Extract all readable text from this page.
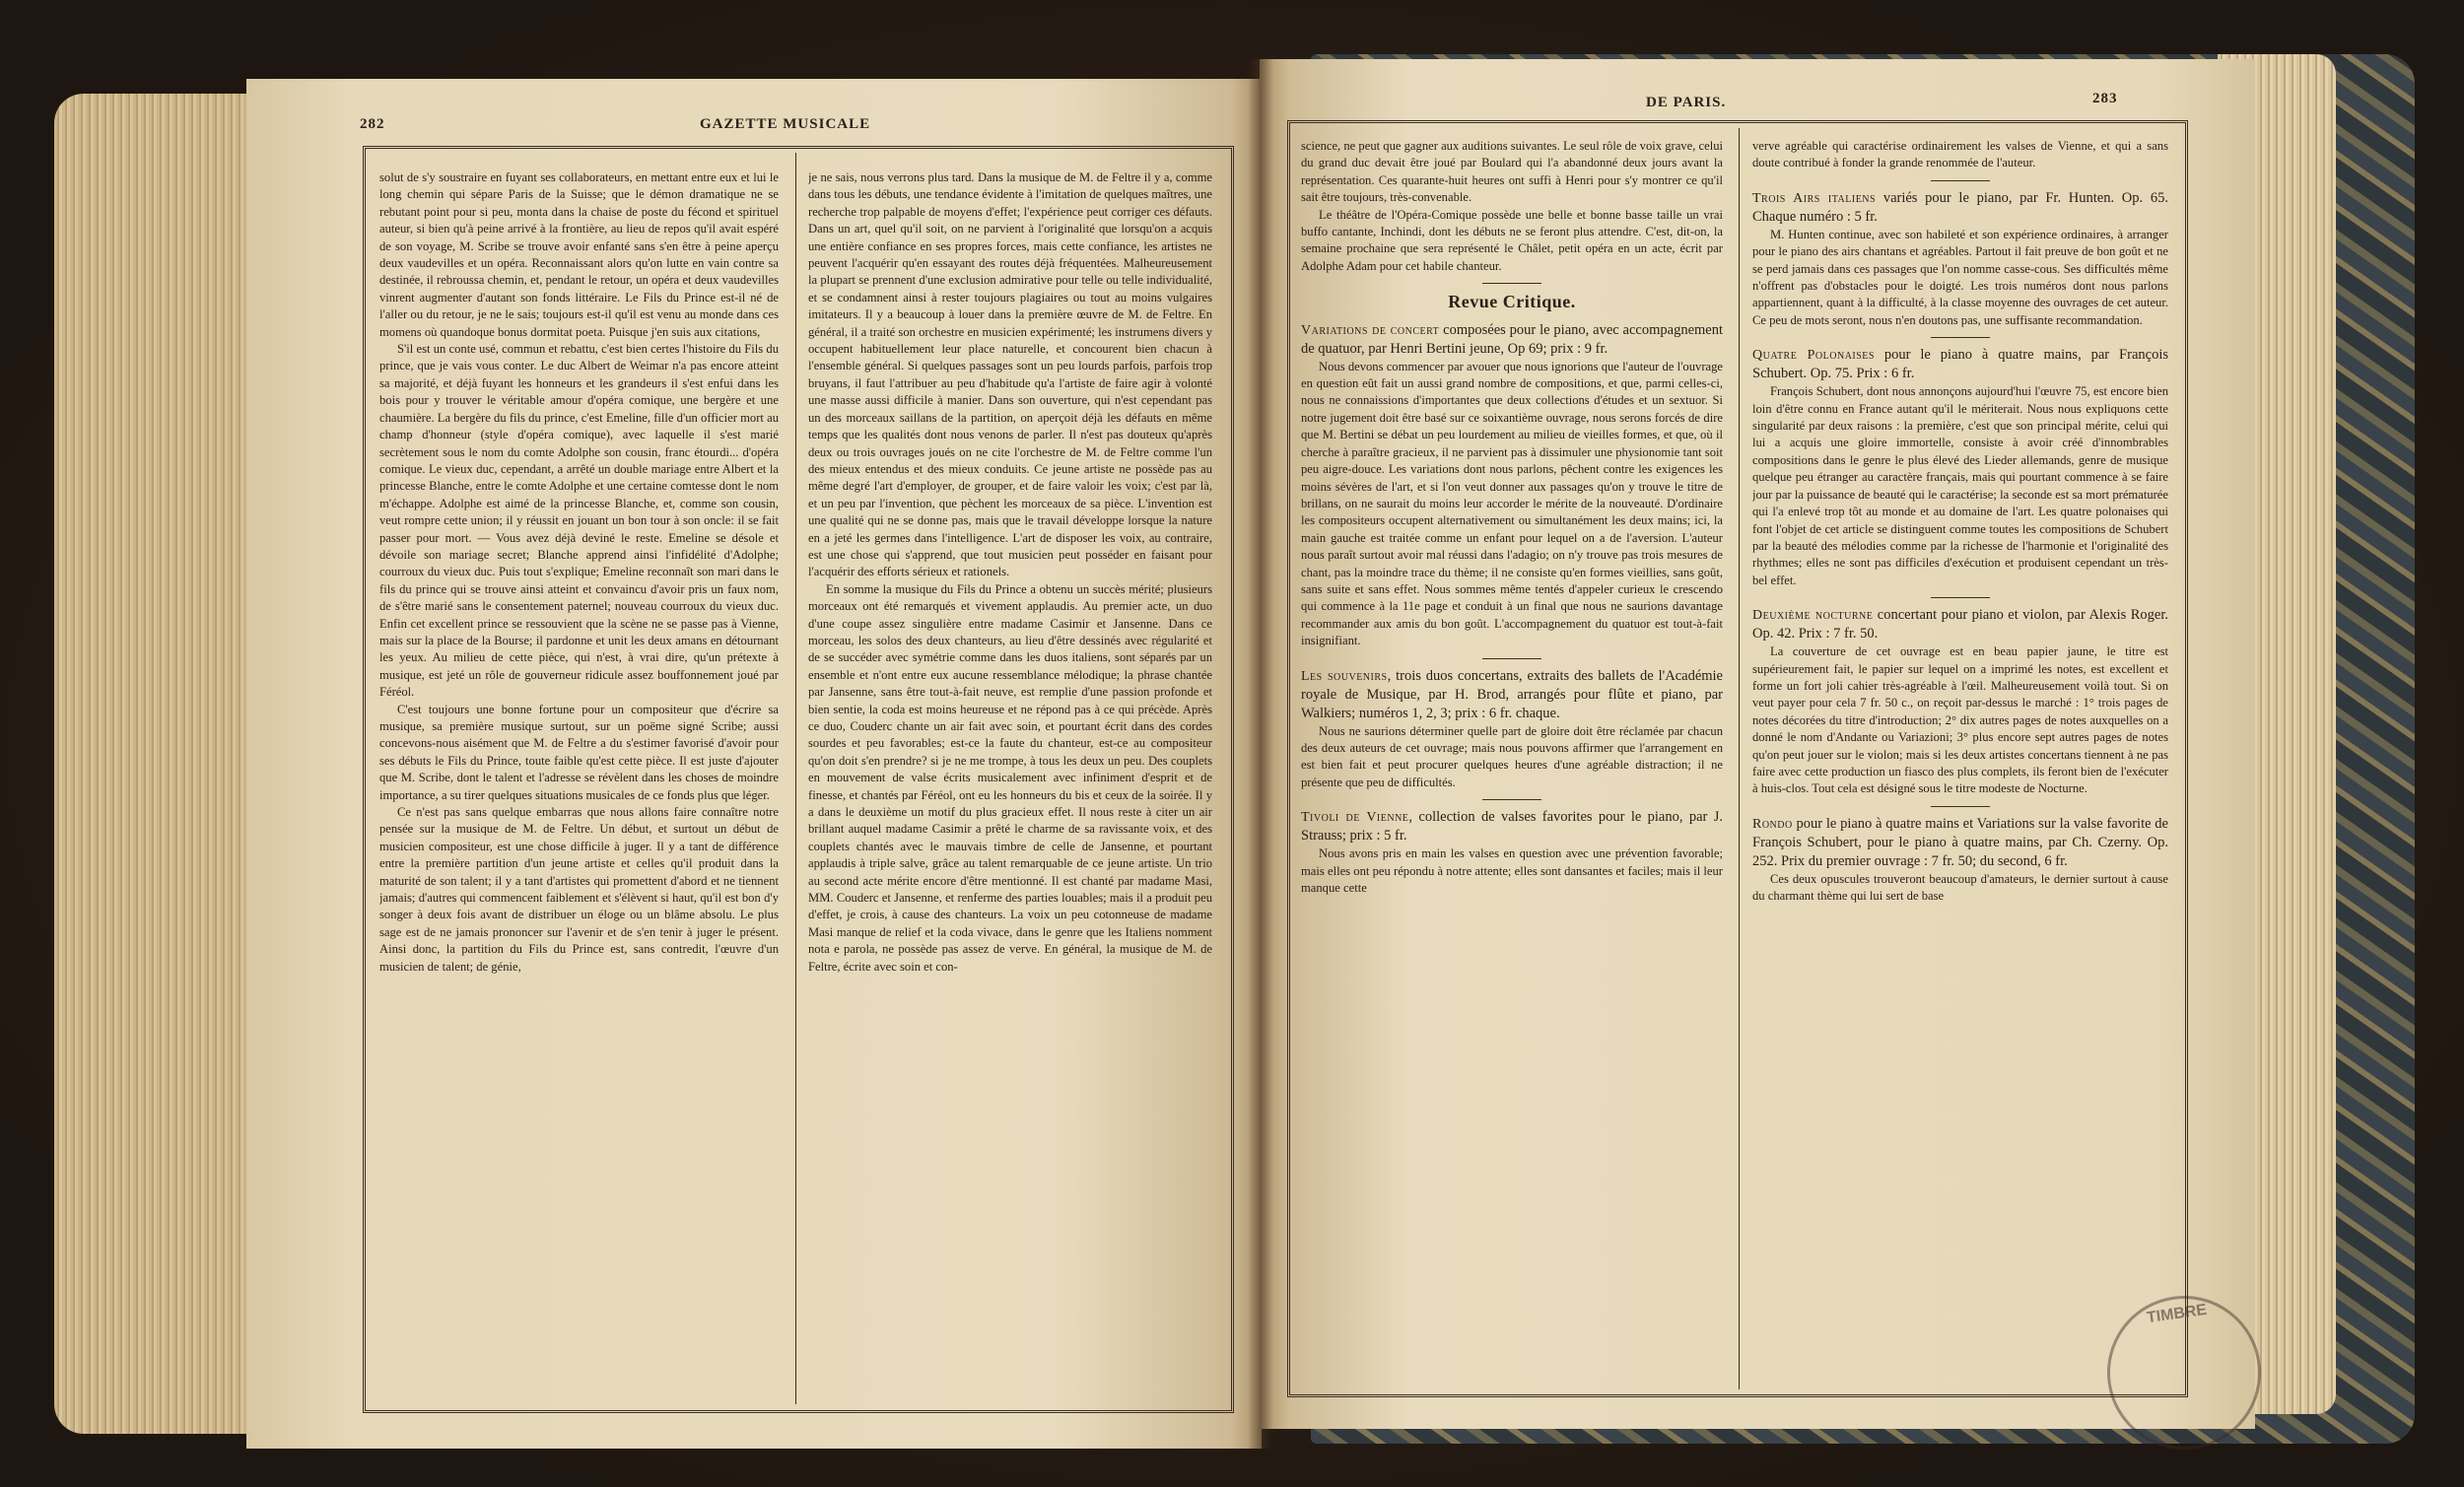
282	GAZETTE MUSICALE

solut de s'y soustraire en fuyant ses collaborateurs, en mettant entre eux et lui le long chemin qui sépare Paris de la Suisse; que le démon dramatique ne se rebutant point pour si peu, monta dans la chaise de poste du fécond et spirituel auteur, si bien qu'à peine arrivé à la frontière, au lieu de repos qu'il avait espéré de son voyage, M. Scribe se trouve avoir enfanté sans s'en être à peine aperçu deux vaudevilles et un opéra. Reconnaissant alors qu'on lutte en vain contre sa destinée, il rebroussa chemin, et, pendant le retour, un opéra et deux vaudevilles vinrent augmenter d'autant son fonds littéraire. Le Fils du Prince est-il né de l'aller ou du retour, je ne le sais; toujours est-il qu'il est venu au monde dans ces momens où quandoque bonus dormitat poeta. Puisque j'en suis aux citations,

S'il est un conte usé, commun et rebattu, c'est bien certes l'histoire du Fils du prince, que je vais vous conter. Le duc Albert de Weimar n'a pas encore atteint sa majorité, et déjà fuyant les honneurs et les grandeurs il s'est enfui dans les bois pour y trouver le véritable amour d'opéra comique, une bergère et une chaumière. La bergère du fils du prince, c'est Emeline, fille d'un officier mort au champ d'honneur (style d'opéra comique), avec laquelle il s'est marié secrètement sous le nom du comte Adolphe son cousin, franc étourdi... d'opéra comique. Le vieux duc, cependant, a arrêté un double mariage entre Albert et la princesse Blanche, entre le comte Adolphe et une certaine comtesse dont le nom m'échappe. Adolphe est aimé de la princesse Blanche, et, comme son cousin, veut rompre cette union; il y réussit en jouant un bon tour à son oncle: il se fait passer pour mort. — Vous avez déjà deviné le reste. Emeline se désole et dévoile son mariage secret; Blanche apprend ainsi l'infidélité d'Adolphe; courroux du vieux duc. Puis tout s'explique; Emeline reconnaît son mari dans le fils du prince qui se trouve ainsi atteint et convaincu d'avoir pris un faux nom, de s'être marié sans le consentement paternel; nouveau courroux du vieux duc. Enfin cet excellent prince se ressouvient que la scène ne se passe pas à Vienne, mais sur la place de la Bourse; il pardonne et unit les deux amans en détournant les yeux. Au milieu de cette pièce, qui n'est, à vrai dire, qu'un prétexte à musique, est jeté un rôle de gouverneur ridicule assez bouffonnement joué par Féréol.

C'est toujours une bonne fortune pour un compositeur que d'écrire sa musique, sa première musique surtout, sur un poëme signé Scribe; aussi concevons-nous aisément que M. de Feltre a du s'estimer favorisé d'avoir pour ses débuts le Fils du Prince, toute faible qu'est cette pièce. Il est juste d'ajouter que M. Scribe, dont le talent et l'adresse se révèlent dans les choses de moindre importance, a su tirer quelques situations musicales de ce fonds plus que léger.

Ce n'est pas sans quelque embarras que nous allons faire connaître notre pensée sur la musique de M. de Feltre. Un début, et surtout un début de musicien compositeur, est une chose difficile à juger. Il y a tant de différence entre la première partition d'un jeune artiste et celles qu'il produit dans la maturité de son talent; il y a tant d'artistes qui promettent d'abord et ne tiennent jamais; d'autres qui commencent faiblement et s'élèvent si haut, qu'il est bon d'y songer à deux fois avant de distribuer un éloge ou un blâme absolu. Le plus sage est de ne jamais prononcer sur l'avenir et de s'en tenir à juger le présent. Ainsi donc, la partition du Fils du Prince est, sans contredit, l'œuvre d'un musicien de talent; de génie,

je ne sais, nous verrons plus tard. Dans la musique de M. de Feltre il y a, comme dans tous les débuts, une tendance évidente à l'imitation de quelques maîtres, une recherche trop palpable de moyens d'effet; l'expérience peut corriger ces défauts. Dans un art, quel qu'il soit, on ne parvient à l'originalité que lorsqu'on a acquis une entière confiance en ses propres forces, mais cette confiance, les artistes ne peuvent l'acquérir qu'en essayant des routes déjà fréquentées. Malheureusement la plupart se prennent d'une exclusion admirative pour telle ou telle individualité, et se condamnent ainsi à rester toujours plagiaires ou tout au moins vulgaires imitateurs. Il y a beaucoup à louer dans la première œuvre de M. de Feltre. En général, il a traité son orchestre en musicien expérimenté; les instrumens divers y occupent habituellement leur place naturelle, et concourent bien chacun à l'ensemble général. Si quelques passages sont un peu lourds parfois, parfois trop bruyans, il faut l'attribuer au peu d'habitude qu'a l'artiste de faire agir à volonté une masse aussi difficile à manier. Dans son ouverture, qui n'est cependant pas un des morceaux saillans de la partition, on aperçoit déjà les défauts en même temps que les qualités dont nous venons de parler. Il n'est pas douteux qu'après deux ou trois ouvrages joués on ne cite l'orchestre de M. de Feltre comme l'un des mieux entendus et des mieux conduits. Ce jeune artiste ne possède pas au même degré l'art d'employer, de grouper, et de faire valoir les voix; c'est par là, et un peu par l'invention, que pèchent les morceaux de sa pièce. L'invention est une qualité qui ne se donne pas, mais que le travail développe lorsque la nature en a jeté les germes dans l'intelligence. L'art de disposer les voix, au contraire, est une chose qui s'apprend, que tout musicien peut posséder en faisant pour l'acquérir des efforts sérieux et rationels.

En somme la musique du Fils du Prince a obtenu un succès mérité; plusieurs morceaux ont été remarqués et vivement applaudis. Au premier acte, un duo d'une coupe assez singulière entre madame Casimir et Jansenne. Dans ce morceau, les solos des deux chanteurs, au lieu d'être dessinés avec régularité et de se succéder avec symétrie comme dans les duos italiens, sont séparés par un ensemble et n'ont entre eux aucune ressemblance mélodique; la phrase chantée par Jansenne, sans être tout-à-fait neuve, est remplie d'une passion profonde et bien sentie, la coda est moins heureuse et ne répond pas à ce qui précède. Après ce duo, Couderc chante un air fait avec soin, et pourtant écrit dans des cordes sourdes et peu favorables; est-ce la faute du chanteur, est-ce au compositeur qu'on doit s'en prendre? si je ne me trompe, à tous les deux un peu. Des couplets en mouvement de valse écrits musicalement avec infiniment d'esprit et de finesse, et chantés par Féréol, ont eu les honneurs du bis et ceux de la soirée. Il y a dans le deuxième un motif du plus gracieux effet. Il nous reste à citer un air brillant auquel madame Casimir a prêté le charme de sa ravissante voix, et des couplets chantés avec le mauvais timbre de celle de Jansenne, et pourtant applaudis à triple salve, grâce au talent remarquable de ce jeune artiste. Un trio au second acte mérite encore d'être mentionné. Il est chanté par madame Masi, MM. Couderc et Jansenne, et renferme des parties louables; mais il a produit peu d'effet, je crois, à cause des chanteurs. La voix un peu cotonneuse de madame Masi manque de relief et la coda vivace, dans le genre que les Italiens nomment nota e parola, ne possède pas assez de verve. En général, la musique de M. de Feltre, écrite avec soin et con-

DE PARIS.	283

science, ne peut que gagner aux auditions suivantes. Le seul rôle de voix grave, celui du grand duc devait être joué par Boulard qui l'a abandonné deux jours avant la représentation. Ces quarante-huit heures ont suffi à Henri pour s'y montrer ce qu'il sait être toujours, très-convenable.

Le théâtre de l'Opéra-Comique possède une belle et bonne basse taille un vrai buffo cantante, Inchindi, dont les débuts ne se feront plus attendre. C'est, dit-on, la semaine prochaine que sera représenté le Châlet, petit opéra en un acte, écrit par Adolphe Adam pour cet habile chanteur.

Revue Critique.

Variations de concert composées pour le piano, avec accompagnement de quatuor, par Henri Bertini jeune, Op 69; prix : 9 fr.

Nous devons commencer par avouer que nous ignorions que l'auteur de l'ouvrage en question eût fait un aussi grand nombre de compositions, et que, parmi celles-ci, nous ne connaissions d'importantes que deux collections d'études et un sextuor. Si notre jugement doit être basé sur ce soixantième ouvrage, nous serons forcés de dire que M. Bertini se débat un peu lourdement au milieu de vieilles formes, et que, où il cherche à paraître gracieux, il ne parvient pas à dissimuler une physionomie tant soit peu aigre-douce. Les variations dont nous parlons, pêchent contre les exigences les moins sévères de l'art, et si l'on veut donner aux passages qu'on y trouve le titre de brillans, on ne saurait du moins leur accorder le mérite de la nouveauté. D'ordinaire les compositeurs occupent alternativement ou simultanément les deux mains; ici, la main gauche est traitée comme un enfant pour lequel on a de l'aversion. L'auteur nous paraît surtout avoir mal réussi dans l'adagio; on n'y trouve pas trois mesures de chant, pas la moindre trace du thème; il ne consiste qu'en formes vieillies, sans goût, sans suite et sans effet. Nous sommes même tentés d'appeler curieux le crescendo qui commence à la 11e page et conduit à un final que nous ne saurions davantage recommander aux amis du bon goût. L'accompagnement du quatuor est tout-à-fait insignifiant.

Les souvenirs, trois duos concertans, extraits des ballets de l'Académie royale de Musique, par H. Brod, arrangés pour flûte et piano, par Walkiers; numéros 1, 2, 3; prix : 6 fr. chaque.

Nous ne saurions déterminer quelle part de gloire doit être réclamée par chacun des deux auteurs de cet ouvrage; mais nous pouvons affirmer que l'arrangement en est bien fait et peut procurer quelques heures d'une agréable distraction; il ne présente que peu de difficultés.

Tivoli de Vienne, collection de valses favorites pour le piano, par J. Strauss; prix : 5 fr.

Nous avons pris en main les valses en question avec une prévention favorable; mais elles ont peu répondu à notre attente; elles sont dansantes et faciles; mais il leur manque cette

verve agréable qui caractérise ordinairement les valses de Vienne, et qui a sans doute contribué à fonder la grande renommée de l'auteur.

Trois Airs italiens variés pour le piano, par Fr. Hunten. Op. 65. Chaque numéro : 5 fr.

M. Hunten continue, avec son habileté et son expérience ordinaires, à arranger pour le piano des airs chantans et agréables. Partout il fait preuve de bon goût et ne se perd jamais dans ces passages que l'on nomme casse-cous. Ses difficultés même n'offrent pas d'obstacles pour le doigté. Les trois numéros dont nous parlons appartiennent, quant à la difficulté, à la classe moyenne des ouvrages de cet auteur. Ce peu de mots seront, nous n'en doutons pas, une suffisante recommandation.

Quatre Polonaises pour le piano à quatre mains, par François Schubert. Op. 75. Prix : 6 fr.

François Schubert, dont nous annonçons aujourd'hui l'œuvre 75, est encore bien loin d'être connu en France autant qu'il le mériterait. Nous nous expliquons cette singularité par deux raisons : la première, c'est que son principal mérite, celui qui lui a acquis une gloire immortelle, consiste à avoir créé d'innombrables compositions dans le genre le plus élevé des Lieder allemands, genre de musique quelque peu étranger au caractère français, mais qui pourtant commence à se faire jour par la puissance de beauté qui le caractérise; la seconde est sa mort prématurée qui l'a enlevé trop tôt au monde et au domaine de l'art. Les quatre polonaises qui font l'objet de cet article se distinguent comme toutes les compositions de Schubert par la beauté des mélodies comme par la richesse de l'harmonie et l'originalité des rhythmes; elles ne sont pas difficiles d'exécution et produisent cependant un très-bel effet.

Deuxième nocturne concertant pour piano et violon, par Alexis Roger. Op. 42. Prix : 7 fr. 50.

La couverture de cet ouvrage est en beau papier jaune, le titre est supérieurement fait, le papier sur lequel on a imprimé les notes, est excellent et forme un fort joli cahier très-agréable à l'œil. Malheureusement voilà tout. Si on veut payer pour cela 7 fr. 50 c., on reçoit par-dessus le marché : 1° trois pages de notes décorées du titre d'introduction; 2° dix autres pages de notes auxquelles on a donné le nom d'Andante ou Variazioni; 3° plus encore sept autres pages de notes qu'on peut jouer sur le violon; mais si les deux artistes concertans tiennent à ne pas faire avec cette production un fiasco des plus complets, ils feront bien de l'exécuter à huis-clos. Tout cela est désigné sous le titre modeste de Nocturne.

Rondo pour le piano à quatre mains et Variations sur la valse favorite de François Schubert, pour le piano à quatre mains, par Ch. Czerny. Op. 252. Prix du premier ouvrage : 7 fr. 50; du second, 6 fr.

Ces deux opuscules trouveront beaucoup d'amateurs, le dernier surtout à cause du charmant thème qui lui sert de base

TIMBRE
